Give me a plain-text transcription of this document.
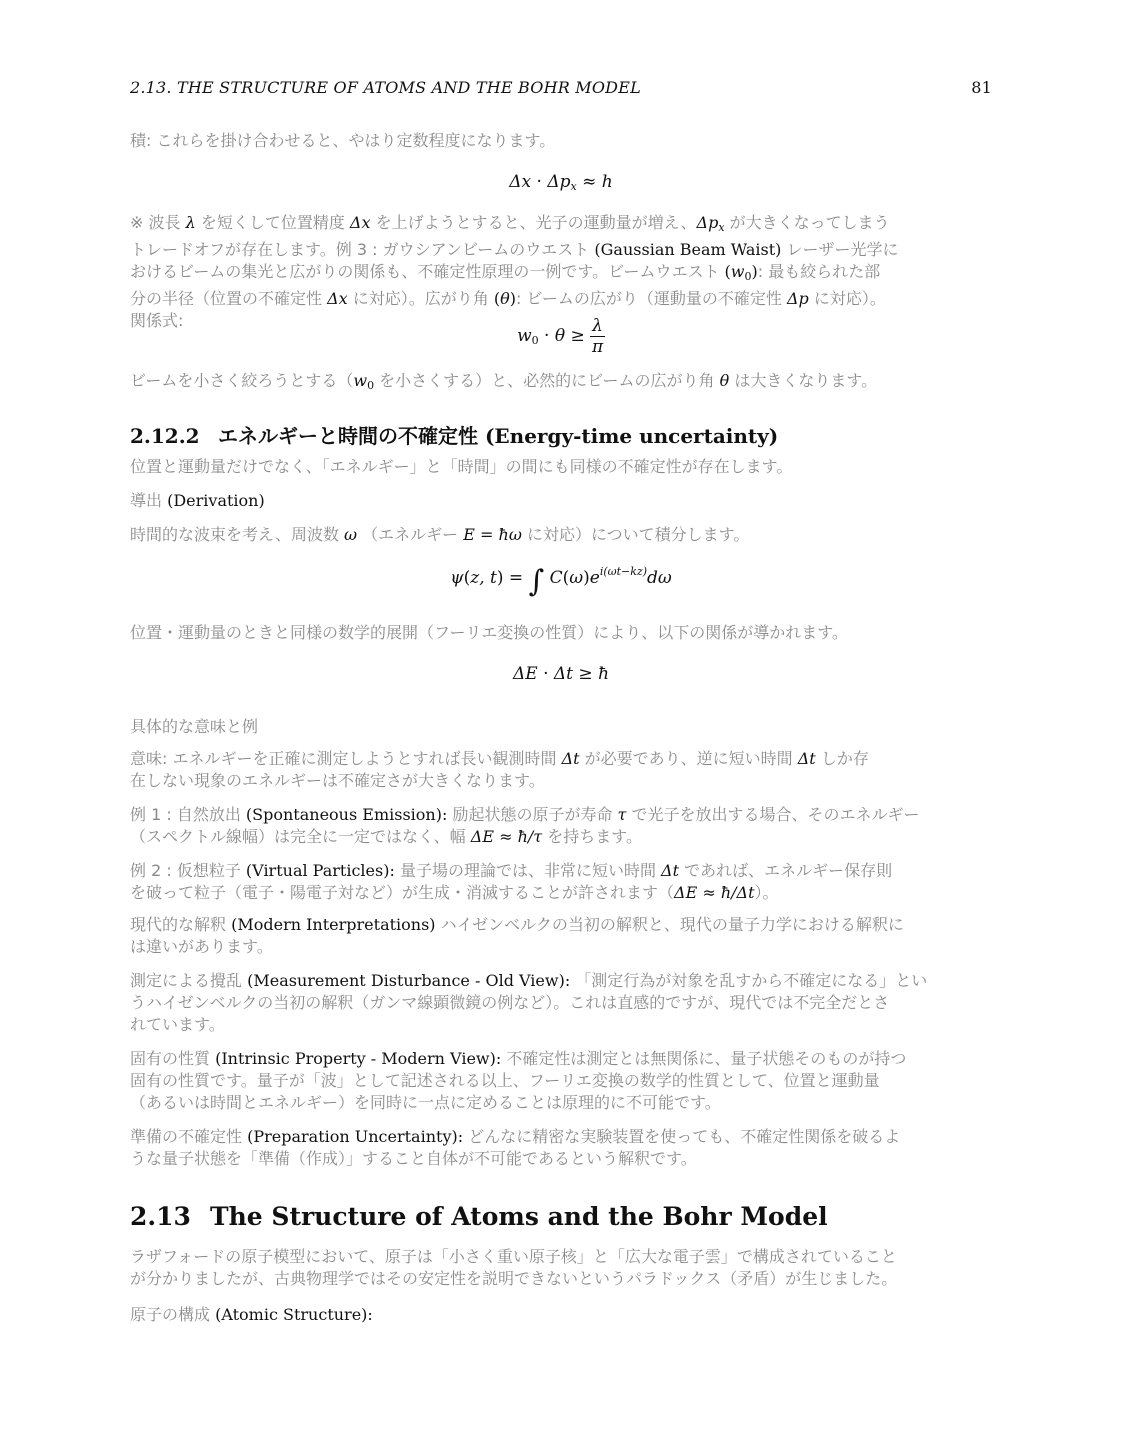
2.13. THE STRUCTURE OF ATOMS AND THE BOHR MODEL	81

積: これらを掛け合わせると、やはり定数程度になります。

$\Delta x \cdot \Delta p_x \approx h$

※ 波長 λ を短くして位置精度 Δx を上げようとすると、光子の運動量が増え、$\Delta p_x$ が大きくなってしまう

トレードオフが存在します。例 3 : ガウシアンビームのウエスト (Gaussian Beam Waist) レーザー光学に

おけるビームの集光と広がりの関係も、不確定性原理の一例です。ビームウエスト $(w_0)$: 最も絞られた部

分の半径（位置の不確定性 Δx に対応）。広がり角 (θ): ビームの広がり（運動量の不確定性 Δp に対応）。

関係式:

$w_0 \cdot \theta \ge \frac{\lambda}{\pi}$

ビームを小さく絞ろうとする（$w_0$ を小さくする）と、必然的にビームの広がり角 θ は大きくなります。

2.12.2 エネルギーと時間の不確定性 (Energy-time uncertainty)

位置と運動量だけでなく、「エネルギー」と「時間」の間にも同様の不確定性が存在します。

導出 (Derivation)

時間的な波束を考え、周波数 ω （エネルギー E = ħω に対応）について積分します。

ψ(z, t) = ∫ $C(\omega)e^{i(\omega t-kz)}d\omega$

位置・運動量のときと同様の数学的展開（フーリエ変換の性質）により、以下の関係が導かれます。

ΔE · Δt ≥ ħ

具体的な意味と例

意味: エネルギーを正確に測定しようとすれば長い観測時間 Δt が必要であり、逆に短い時間 Δt しか存

在しない現象のエネルギーは不確定さが大きくなります。

例 1 : 自然放出 (Spontaneous Emission): 励起状態の原子が寿命 τ で光子を放出する場合、そのエネルギー

（スペクトル線幅）は完全に一定ではなく、幅 ΔE ≈ ħ/τ を持ちます。

例 2 : 仮想粒子 (Virtual Particles): 量子場の理論では、非常に短い時間 Δt であれば、エネルギー保存則

を破って粒子（電子・陽電子対など）が生成・消滅することが許されます（ΔE ≈ ħ/Δt）。

現代的な解釈 (Modern Interpretations) ハイゼンベルクの当初の解釈と、現代の量子力学における解釈に

は違いがあります。

測定による攪乱 (Measurement Disturbance - Old View): 「測定行為が対象を乱すから不確定になる」とい

うハイゼンベルクの当初の解釈（ガンマ線顕微鏡の例など）。これは直感的ですが、現代では不完全だとさ

れています。

固有の性質 (Intrinsic Property - Modern View): 不確定性は測定とは無関係に、量子状態そのものが持つ

固有の性質です。量子が「波」として記述される以上、フーリエ変換の数学的性質として、位置と運動量

（あるいは時間とエネルギー）を同時に一点に定めることは原理的に不可能です。

準備の不確定性 (Preparation Uncertainty): どんなに精密な実験装置を使っても、不確定性関係を破るよ

うな量子状態を「準備（作成）」すること自体が不可能であるという解釈です。

2.13 The Structure of Atoms and the Bohr Model

ラザフォードの原子模型において、原子は「小さく重い原子核」と「広大な電子雲」で構成されていること

が分かりましたが、古典物理学ではその安定性を説明できないというパラドックス（矛盾）が生じました。

原子の構成 (Atomic Structure):
